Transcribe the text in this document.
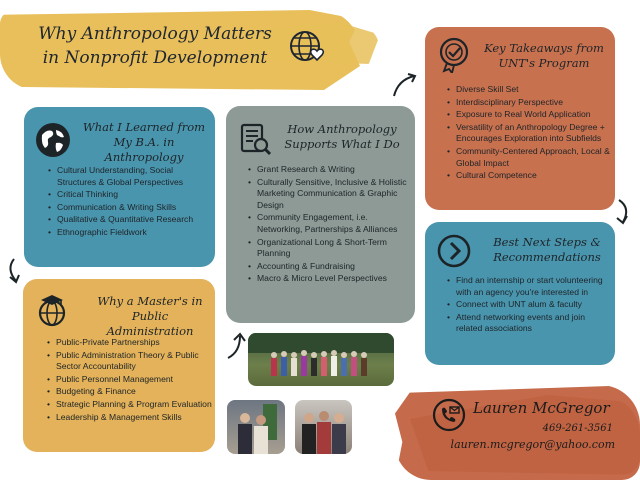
Why Anthropology Matters
in Nonprofit Development
What I Learned from My B.A. in Anthropology
• Cultural Understanding, Social Structures & Global Perspectives
• Critical Thinking
• Communication & Writing Skills
• Qualitative & Quantitative Research
• Ethnographic Fieldwork
How Anthropology Supports What I Do
• Grant Research & Writing
• Culturally Sensitive, Inclusive & Holistic Marketing Communication & Graphic Design
• Community Engagement, i.e. Networking, Partnerships & Alliances
• Organizational Long & Short-Term Planning
• Accounting & Fundraising
• Macro & Micro Level Perspectives
Key Takeaways from UNT's Program
• Diverse Skill Set
• Interdisciplinary Perspective
• Exposure to Real World Application
• Versatility of an Anthropology Degree + Encourages Exploration into Subfields
• Community-Centered Approach, Local & Global Impact
• Cultural Competence
Why a Master's in Public Administration
• Public-Private Partnerships
• Public Administration Theory & Public Sector Accountability
• Public Personnel Management
• Budgeting & Finance
• Strategic Planning & Program Evaluation
• Leadership & Management Skills
Best Next Steps & Recommendations
• Find an internship or start volunteering with an agency you're interested in
• Connect with UNT alum & faculty
• Attend networking events and join related associations
Lauren McGregor
469-261-3561
lauren.mcgregor@yahoo.com
